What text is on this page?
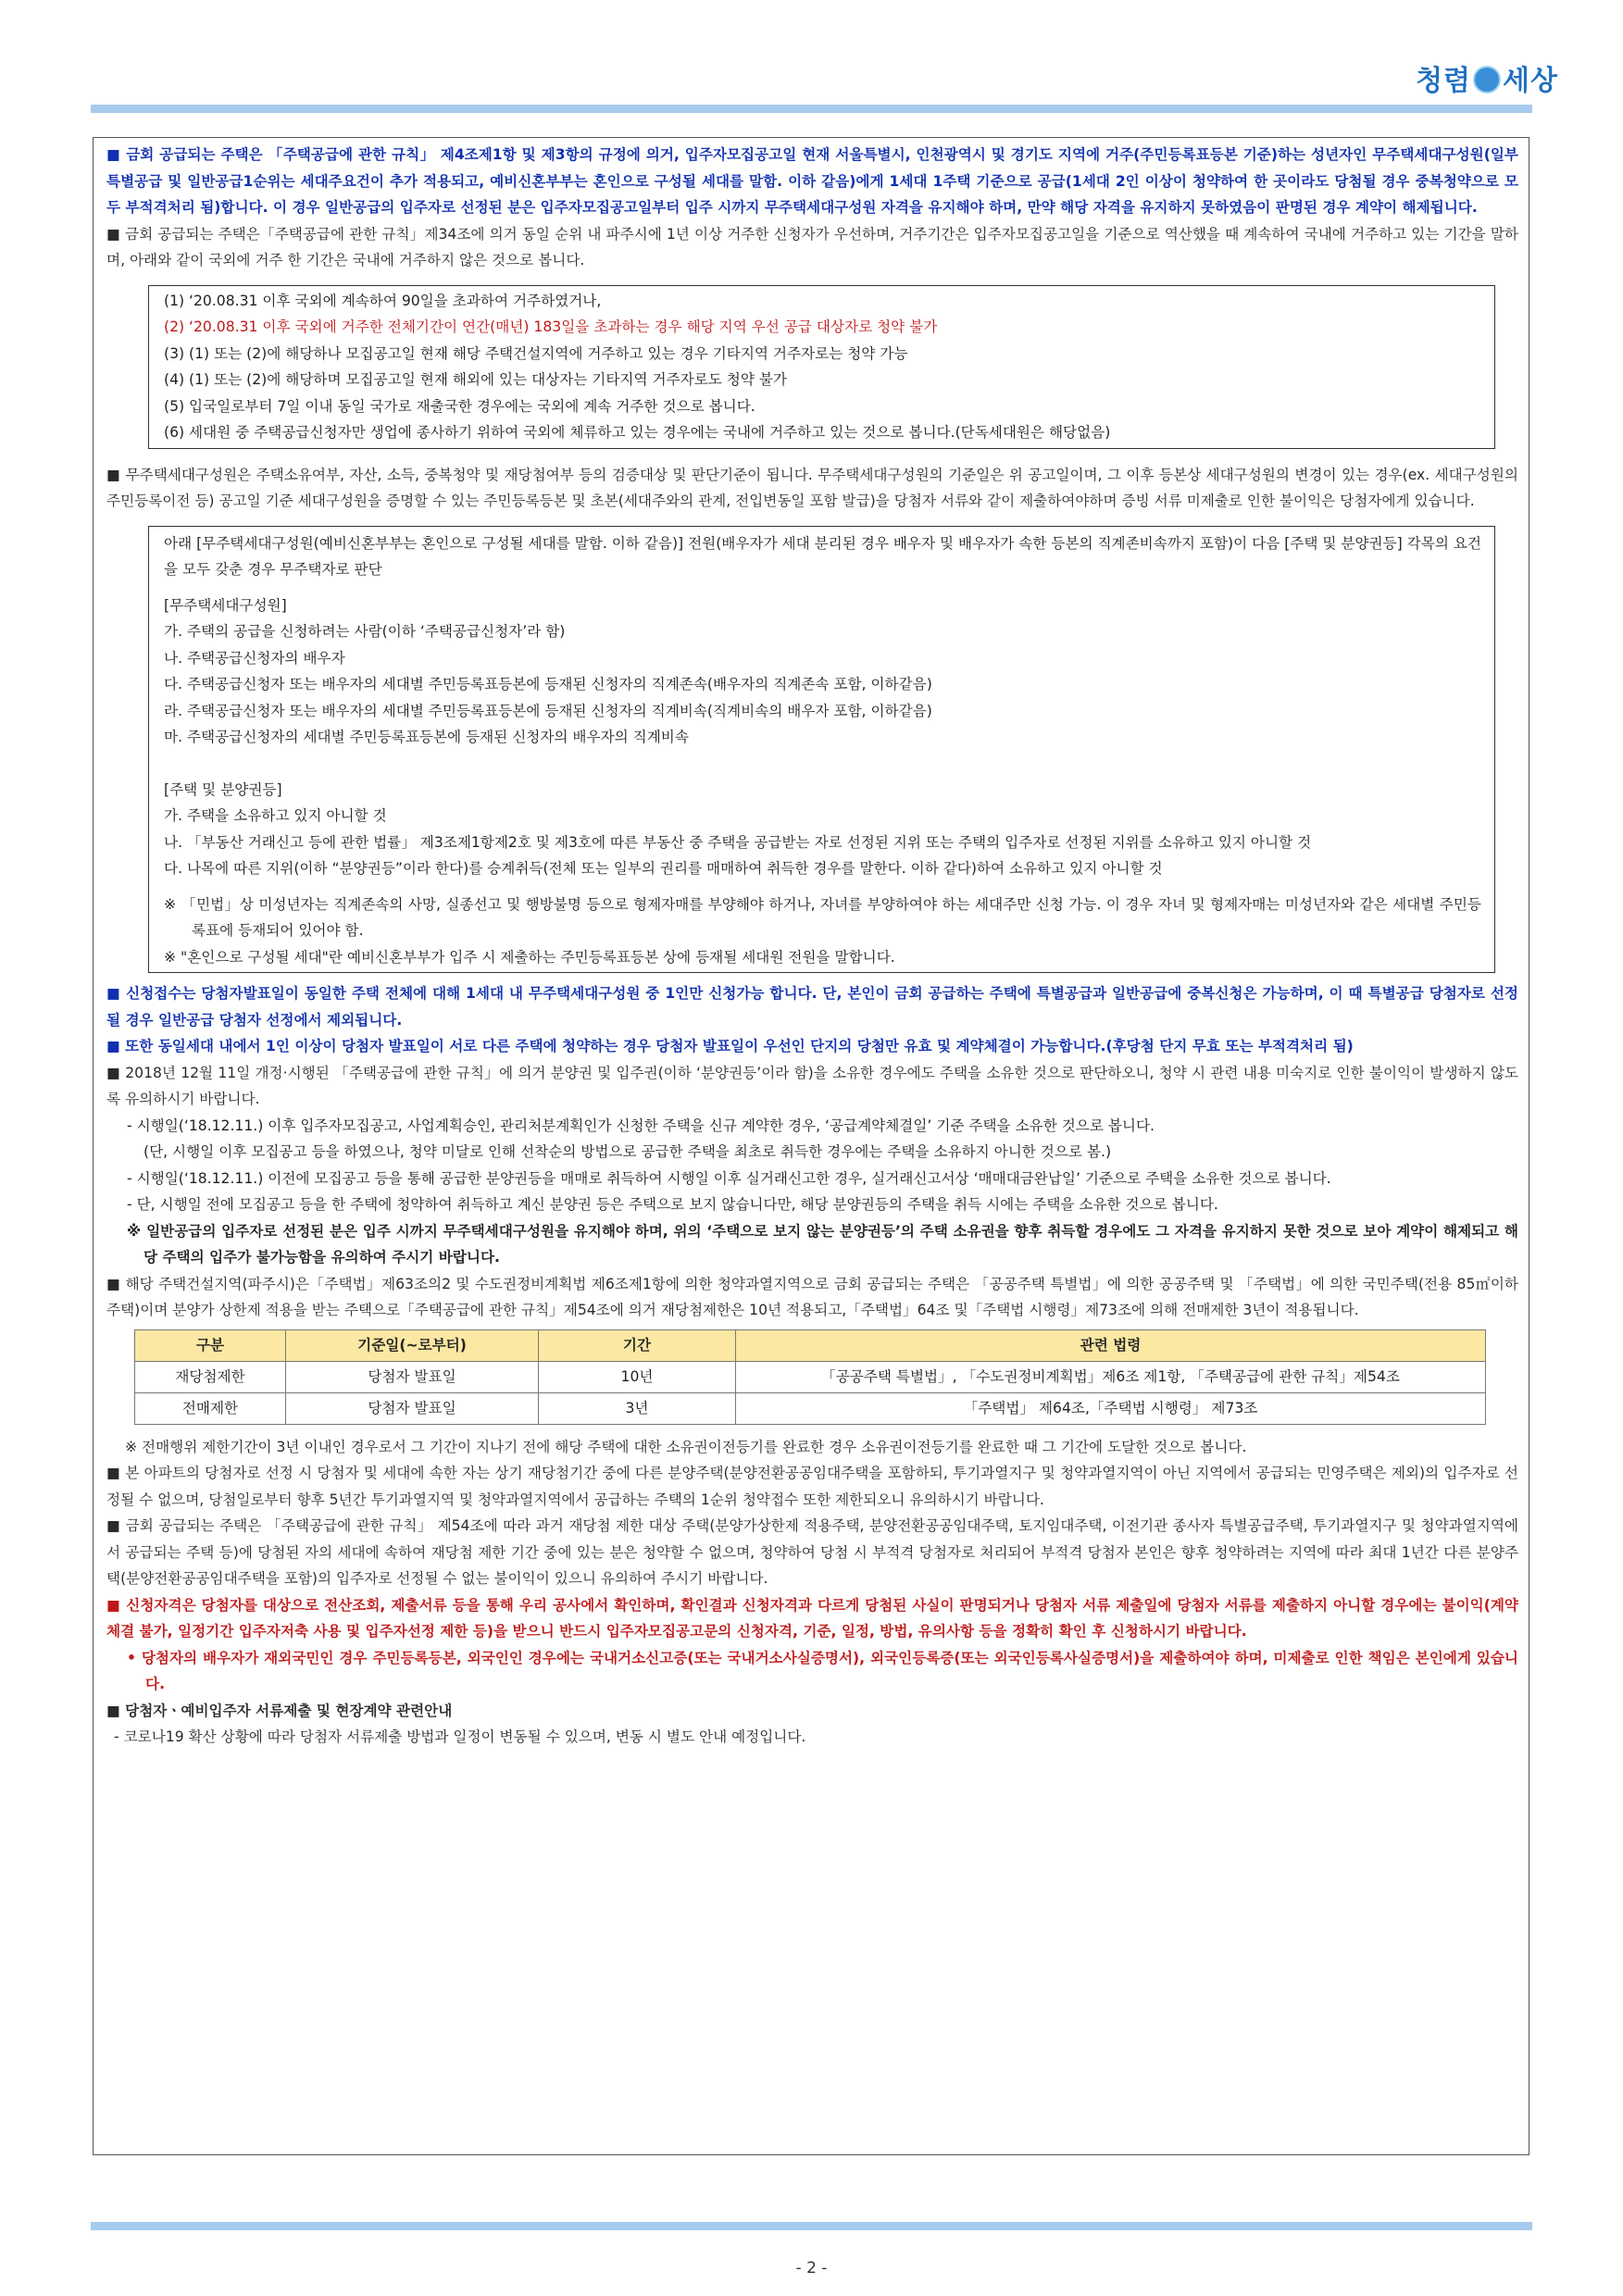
청렴 세상

■ 금회 공급되는 주택은 「주택공급에 관한 규칙」 제4조제1항 및 제3항의 규정에 의거, 입주자모집공고일 현재 서울특별시, 인천광역시 및 경기도 지역에 거주(주민등록표등본 기준)하는 성년자인 무주택세대구성원(일부 특별공급 및 일반공급1순위는 세대주요건이 추가 적용되고, 예비신혼부부는 혼인으로 구성될 세대를 말함. 이하 같음)에게 1세대 1주택 기준으로 공급(1세대 2인 이상이 청약하여 한 곳이라도 당첨될 경우 중복청약으로 모두 부적격처리 됨)합니다. 이 경우 일반공급의 입주자로 선정된 분은 입주자모집공고일부터 입주 시까지 무주택세대구성원 자격을 유지해야 하며, 만약 해당 자격을 유지하지 못하였음이 판명된 경우 계약이 해제됩니다.

■ 금회 공급되는 주택은「주택공급에 관한 규칙」제34조에 의거 동일 순위 내 파주시에 1년 이상 거주한 신청자가 우선하며, 거주기간은 입주자모집공고일을 기준으로 역산했을 때 계속하여 국내에 거주하고 있는 기간을 말하며, 아래와 같이 국외에 거주 한 기간은 국내에 거주하지 않은 것으로 봅니다.

(1) ‘20.08.31 이후 국외에 계속하여 90일을 초과하여 거주하였거나,
(2) ‘20.08.31 이후 국외에 거주한 전체기간이 연간(매년) 183일을 초과하는 경우 해당 지역 우선 공급 대상자로 청약 불가
(3) (1) 또는 (2)에 해당하나 모집공고일 현재 해당 주택건설지역에 거주하고 있는 경우 기타지역 거주자로는 청약 가능
(4) (1) 또는 (2)에 해당하며 모집공고일 현재 해외에 있는 대상자는 기타지역 거주자로도 청약 불가
(5) 입국일로부터 7일 이내 동일 국가로 재출국한 경우에는 국외에 계속 거주한 것으로 봅니다.
(6) 세대원 중 주택공급신청자만 생업에 종사하기 위하여 국외에 체류하고 있는 경우에는 국내에 거주하고 있는 것으로 봅니다.(단독세대원은 해당없음)

■ 무주택세대구성원은 주택소유여부, 자산, 소득, 중복청약 및 재당첨여부 등의 검증대상 및 판단기준이 됩니다. 무주택세대구성원의 기준일은 위 공고일이며, 그 이후 등본상 세대구성원의 변경이 있는 경우(ex. 세대구성원의 주민등록이전 등) 공고일 기준 세대구성원을 증명할 수 있는 주민등록등본 및 초본(세대주와의 관계, 전입변동일 포함 발급)을 당첨자 서류와 같이 제출하여야하며 증빙 서류 미제출로 인한 불이익은 당첨자에게 있습니다.

아래 [무주택세대구성원(예비신혼부부는 혼인으로 구성될 세대를 말함. 이하 같음)] 전원(배우자가 세대 분리된 경우 배우자 및 배우자가 속한 등본의 직계존비속까지 포함)이 다음 [주택 및 분양권등] 각목의 요건을 모두 갖춘 경우 무주택자로 판단
[무주택세대구성원]
가. 주택의 공급을 신청하려는 사람(이하 ‘주택공급신청자’라 함)
나. 주택공급신청자의 배우자
다. 주택공급신청자 또는 배우자의 세대별 주민등록표등본에 등재된 신청자의 직계존속(배우자의 직계존속 포함, 이하같음)
라. 주택공급신청자 또는 배우자의 세대별 주민등록표등본에 등재된 신청자의 직계비속(직계비속의 배우자 포함, 이하같음)
마. 주택공급신청자의 세대별 주민등록표등본에 등재된 신청자의 배우자의 직계비속
[주택 및 분양권등]
가. 주택을 소유하고 있지 아니할 것
나. 「부동산 거래신고 등에 관한 법률」 제3조제1항제2호 및 제3호에 따른 부동산 중 주택을 공급받는 자로 선정된 지위 또는 주택의 입주자로 선정된 지위를 소유하고 있지 아니할 것
다. 나목에 따른 지위(이하 “분양권등”이라 한다)를 승계취득(전체 또는 일부의 권리를 매매하여 취득한 경우를 말한다. 이하 같다)하여 소유하고 있지 아니할 것
※ 「민법」상 미성년자는 직계존속의 사망, 실종선고 및 행방불명 등으로 형제자매를 부양해야 하거나, 자녀를 부양하여야 하는 세대주만 신청 가능. 이 경우 자녀 및 형제자매는 미성년자와 같은 세대별 주민등록표에 등재되어 있어야 함.
※ "혼인으로 구성될 세대"란 예비신혼부부가 입주 시 제출하는 주민등록표등본 상에 등재될 세대원 전원을 말합니다.

■ 신청접수는 당첨자발표일이 동일한 주택 전체에 대해 1세대 내 무주택세대구성원 중 1인만 신청가능 합니다. 단, 본인이 금회 공급하는 주택에 특별공급과 일반공급에 중복신청은 가능하며, 이 때 특별공급 당첨자로 선정될 경우 일반공급 당첨자 선정에서 제외됩니다.

■ 또한 동일세대 내에서 1인 이상이 당첨자 발표일이 서로 다른 주택에 청약하는 경우 당첨자 발표일이 우선인 단지의 당첨만 유효 및 계약체결이 가능합니다.(후당첨 단지 무효 또는 부적격처리 됨)

■ 2018년 12월 11일 개정·시행된 「주택공급에 관한 규칙」에 의거 분양권 및 입주권(이하 ‘분양권등’이라 함)을 소유한 경우에도 주택을 소유한 것으로 판단하오니, 청약 시 관련 내용 미숙지로 인한 불이익이 발생하지 않도록 유의하시기 바랍니다.

- 시행일(‘18.12.11.) 이후 입주자모집공고, 사업계획승인, 관리처분계획인가 신청한 주택을 신규 계약한 경우, ‘공급계약체결일’ 기준 주택을 소유한 것으로 봅니다.
(단, 시행일 이후 모집공고 등을 하였으나, 청약 미달로 인해 선착순의 방법으로 공급한 주택을 최초로 취득한 경우에는 주택을 소유하지 아니한 것으로 봄.)
- 시행일(‘18.12.11.) 이전에 모집공고 등을 통해 공급한 분양권등을 매매로 취득하여 시행일 이후 실거래신고한 경우, 실거래신고서상 ‘매매대금완납일’ 기준으로 주택을 소유한 것으로 봅니다.
- 단, 시행일 전에 모집공고 등을 한 주택에 청약하여 취득하고 계신 분양권 등은 주택으로 보지 않습니다만, 해당 분양권등의 주택을 취득 시에는 주택을 소유한 것으로 봅니다.
※ 일반공급의 입주자로 선정된 분은 입주 시까지 무주택세대구성원을 유지해야 하며, 위의 ‘주택으로 보지 않는 분양권등’의 주택 소유권을 향후 취득할 경우에도 그 자격을 유지하지 못한 것으로 보아 계약이 해제되고 해당 주택의 입주가 불가능함을 유의하여 주시기 바랍니다.

■ 해당 주택건설지역(파주시)은「주택법」제63조의2 및 수도권정비계획법 제6조제1항에 의한 청약과열지역으로 금회 공급되는 주택은 「공공주택 특별법」에 의한 공공주택 및 「주택법」에 의한 국민주택(전용 85㎡이하 주택)이며 분양가 상한제 적용을 받는 주택으로「주택공급에 관한 규칙」제54조에 의거 재당첨제한은 10년 적용되고,「주택법」64조 및「주택법 시행령」제73조에 의해 전매제한 3년이 적용됩니다.

구분	기준일(~로부터)	기간	관련 법령
재당첨제한	당첨자 발표일	10년	「공공주택 특별법」, 「수도권정비계획법」제6조 제1항, 「주택공급에 관한 규칙」제54조
전매제한	당첨자 발표일	3년	「주택법」 제64조,「주택법 시행령」 제73조

※ 전매행위 제한기간이 3년 이내인 경우로서 그 기간이 지나기 전에 해당 주택에 대한 소유권이전등기를 완료한 경우 소유권이전등기를 완료한 때 그 기간에 도달한 것으로 봅니다.

■ 본 아파트의 당첨자로 선정 시 당첨자 및 세대에 속한 자는 상기 재당첨기간 중에 다른 분양주택(분양전환공공임대주택을 포함하되, 투기과열지구 및 청약과열지역이 아닌 지역에서 공급되는 민영주택은 제외)의 입주자로 선정될 수 없으며, 당첨일로부터 향후 5년간 투기과열지역 및 청약과열지역에서 공급하는 주택의 1순위 청약접수 또한 제한되오니 유의하시기 바랍니다.

■ 금회 공급되는 주택은 「주택공급에 관한 규칙」 제54조에 따라 과거 재당첨 제한 대상 주택(분양가상한제 적용주택, 분양전환공공임대주택, 토지임대주택, 이전기관 종사자 특별공급주택, 투기과열지구 및 청약과열지역에서 공급되는 주택 등)에 당첨된 자의 세대에 속하여 재당첨 제한 기간 중에 있는 분은 청약할 수 없으며, 청약하여 당첨 시 부적격 당첨자로 처리되어 부적격 당첨자 본인은 향후 청약하려는 지역에 따라 최대 1년간 다른 분양주택(분양전환공공임대주택을 포함)의 입주자로 선정될 수 없는 불이익이 있으니 유의하여 주시기 바랍니다.

■ 신청자격은 당첨자를 대상으로 전산조회, 제출서류 등을 통해 우리 공사에서 확인하며, 확인결과 신청자격과 다르게 당첨된 사실이 판명되거나 당첨자 서류 제출일에 당첨자 서류를 제출하지 아니할 경우에는 불이익(계약체결 불가, 일정기간 입주자저축 사용 및 입주자선정 제한 등)을 받으니 반드시 입주자모집공고문의 신청자격, 기준, 일정, 방법, 유의사항 등을 정확히 확인 후 신청하시기 바랍니다.

• 당첨자의 배우자가 재외국민인 경우 주민등록등본, 외국인인 경우에는 국내거소신고증(또는 국내거소사실증명서), 외국인등록증(또는 외국인등록사실증명서)을 제출하여야 하며, 미제출로 인한 책임은 본인에게 있습니다.

■ 당첨자ㆍ예비입주자 서류제출 및 현장계약 관련안내

- 코로나19 확산 상황에 따라 당첨자 서류제출 방법과 일정이 변동될 수 있으며, 변동 시 별도 안내 예정입니다.

- 2 -
